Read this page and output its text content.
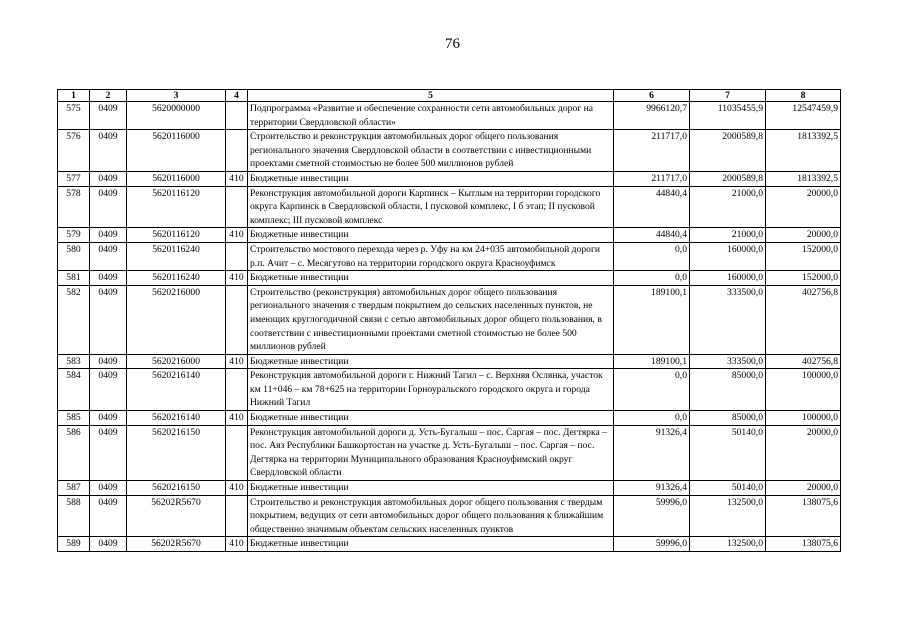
76
1	2	3	4	5	6	7	8
575	0409	5620000000		Подпрограмма «Развитие и обеспечение сохранности сети автомобильных дорог на территории Свердловской области»	9966120,7	11035455,9	12547459,9
576	0409	5620116000		Строительство и реконструкция автомобильных дорог общего пользования регионального значения Свердловской области в соответствии с инвестиционными проектами сметной стоимостью не более 500 миллионов рублей	211717,0	2000589,8	1813392,5
577	0409	5620116000	410	Бюджетные инвестиции	211717,0	2000589,8	1813392,5
578	0409	5620116120		Реконструкция автомобильной дороги Карпинск – Кытлым на территории городского округа Карпинск в Свердловской области, I пусковой комплекс, I б этап; II пусковой комплекс; III пусковой комплекс	44840,4	21000,0	20000,0
579	0409	5620116120	410	Бюджетные инвестиции	44840,4	21000,0	20000,0
580	0409	5620116240		Строительство мостового перехода через р. Уфу на км 24+035 автомобильной дороги р.п. Ачит – с. Месягутово на территории городского округа Красноуфимск	0,0	160000,0	152000,0
581	0409	5620116240	410	Бюджетные инвестиции	0,0	160000,0	152000,0
582	0409	5620216000		Строительство (реконструкция) автомобильных дорог общего пользования регионального значения с твердым покрытием до сельских населенных пунктов, не имеющих круглогодичной связи с сетью автомобильных дорог общего пользования, в соответствии с инвестиционными проектами сметной стоимостью не более 500 миллионов рублей	189100,1	333500,0	402756,8
583	0409	5620216000	410	Бюджетные инвестиции	189100,1	333500,0	402756,8
584	0409	5620216140		Реконструкция автомобильной дороги г. Нижний Тагил – с. Верхняя Ослянка, участок км 11+046 – км 78+625 на территории Горноуральского городского округа и города Нижний Тагил	0,0	85000,0	100000,0
585	0409	5620216140	410	Бюджетные инвестиции	0,0	85000,0	100000,0
586	0409	5620216150		Реконструкция автомобильной дороги д. Усть-Бугалыш – пос. Саргая – пос. Дегтярка – пос. Аяз Республики Башкортостан на участке д. Усть-Бугалыш – пос. Саргая – пос. Дегтярка на территории Муниципального образования Красноуфимский округ Свердловской области	91326,4	50140,0	20000,0
587	0409	5620216150	410	Бюджетные инвестиции	91326,4	50140,0	20000,0
588	0409	56202R5670		Строительство и реконструкция автомобильных дорог общего пользования с твердым покрытием, ведущих от сети автомобильных дорог общего пользования к ближайшим общественно значимым объектам сельских населенных пунктов	59996,0	132500,0	138075,6
589	0409	56202R5670	410	Бюджетные инвестиции	59996,0	132500,0	138075,6
